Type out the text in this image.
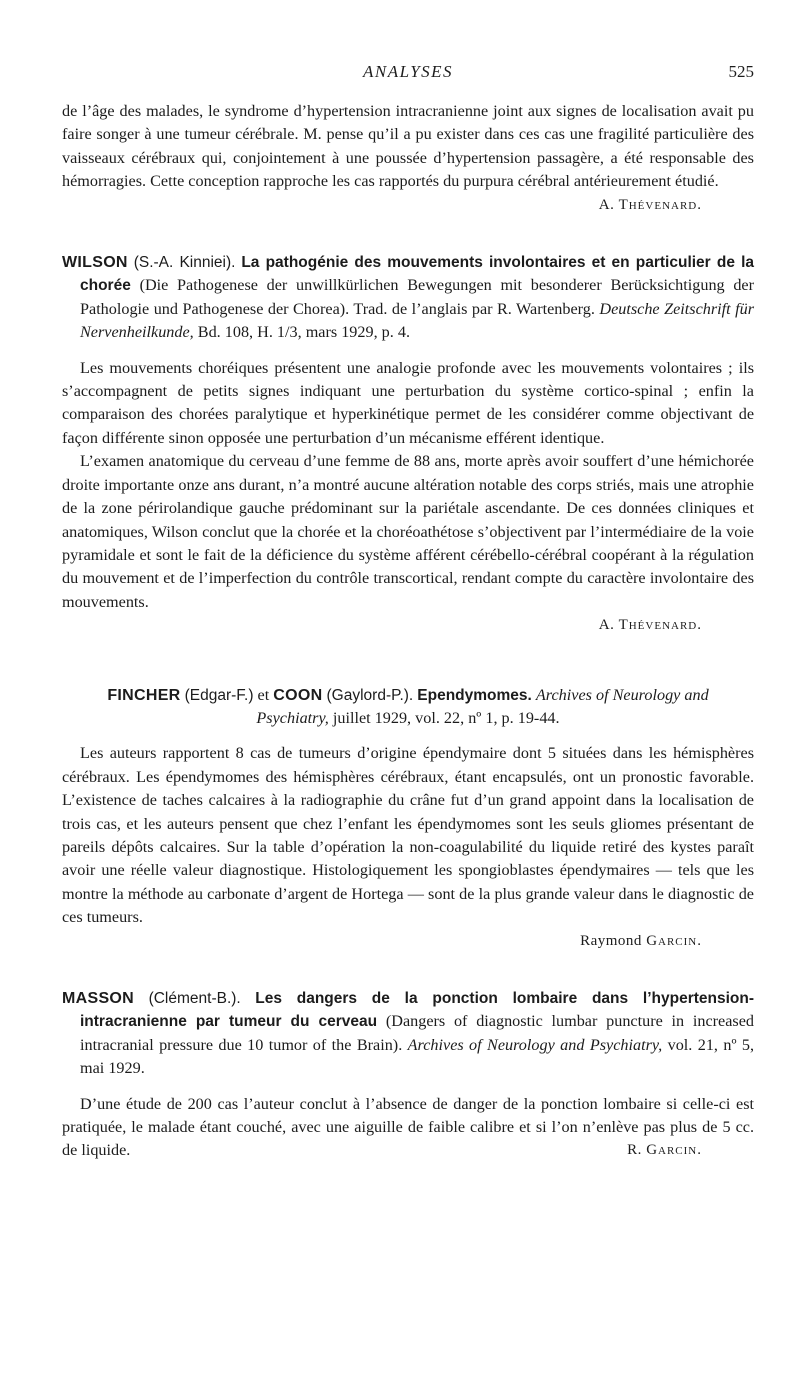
ANALYSES	525

de l’âge des malades, le syndrome d’hypertension intracranienne joint aux signes de localisation avait pu faire songer à une tumeur cérébrale. M. pense qu’il a pu exister dans ces cas une fragilité particulière des vaisseaux cérébraux qui, conjointement à une poussée d’hypertension passagère, a été responsable des hémorragies. Cette conception rapproche les cas rapportés du purpura cérébral antérieurement étudié.

A. Thévenard.

WILSON (S.-A. Kinniei). La pathogénie des mouvements involontaires et en particulier de la chorée (Die Pathogenese der unwillkürlichen Bewegungen mit besonderer Berücksichtigung der Pathologie und Pathogenese der Chorea). Trad. de l’anglais par R. Wartenberg. Deutsche Zeitschrift für Nervenheilkunde, Bd. 108, H. 1/3, mars 1929, p. 4.

Les mouvements choréiques présentent une analogie profonde avec les mouvements volontaires ; ils s’accompagnent de petits signes indiquant une perturbation du système cortico-spinal ; enfin la comparaison des chorées paralytique et hyperkinétique permet de les considérer comme objectivant de façon différente sinon opposée une perturbation d’un mécanisme efférent identique.

L’examen anatomique du cerveau d’une femme de 88 ans, morte après avoir souffert d’une hémichorée droite importante onze ans durant, n’a montré aucune altération notable des corps striés, mais une atrophie de la zone périrolandique gauche prédominant sur la pariétale ascendante. De ces données cliniques et anatomiques, Wilson conclut que la chorée et la choréoathétose s’objectivent par l’intermédiaire de la voie pyramidale et sont le fait de la déficience du système afférent cérébello-cérébral coopérant à la régulation du mouvement et de l’imperfection du contrôle transcortical, rendant compte du caractère involontaire des mouvements.

A. Thévenard.

FINCHER (Edgar-F.) et COON (Gaylord-P.). Ependymomes. Archives of Neurology and Psychiatry, juillet 1929, vol. 22, nº 1, p. 19-44.

Les auteurs rapportent 8 cas de tumeurs d’origine épendymaire dont 5 situées dans les hémisphères cérébraux. Les épendymomes des hémisphères cérébraux, étant encapsulés, ont un pronostic favorable. L’existence de taches calcaires à la radiographie du crâne fut d’un grand appoint dans la localisation de trois cas, et les auteurs pensent que chez l’enfant les épendymomes sont les seuls gliomes présentant de pareils dépôts calcaires. Sur la table d’opération la non-coagulabilité du liquide retiré des kystes paraît avoir une réelle valeur diagnostique. Histologiquement les spongioblastes épendymaires — tels que les montre la méthode au carbonate d’argent de Hortega — sont de la plus grande valeur dans le diagnostic de ces tumeurs.

Raymond Garcin.

MASSON (Clément-B.). Les dangers de la ponction lombaire dans l’hypertension-intracranienne par tumeur du cerveau (Dangers of diagnostic lumbar puncture in increased intracranial pressure due 10 tumor of the Brain). Archives of Neurology and Psychiatry, vol. 21, nº 5, mai 1929.

D’une étude de 200 cas l’auteur conclut à l’absence de danger de la ponction lombaire si celle-ci est pratiquée, le malade étant couché, avec une aiguille de faible calibre et si l’on n’enlève pas plus de 5 cc. de liquide.	R. Garcin.
